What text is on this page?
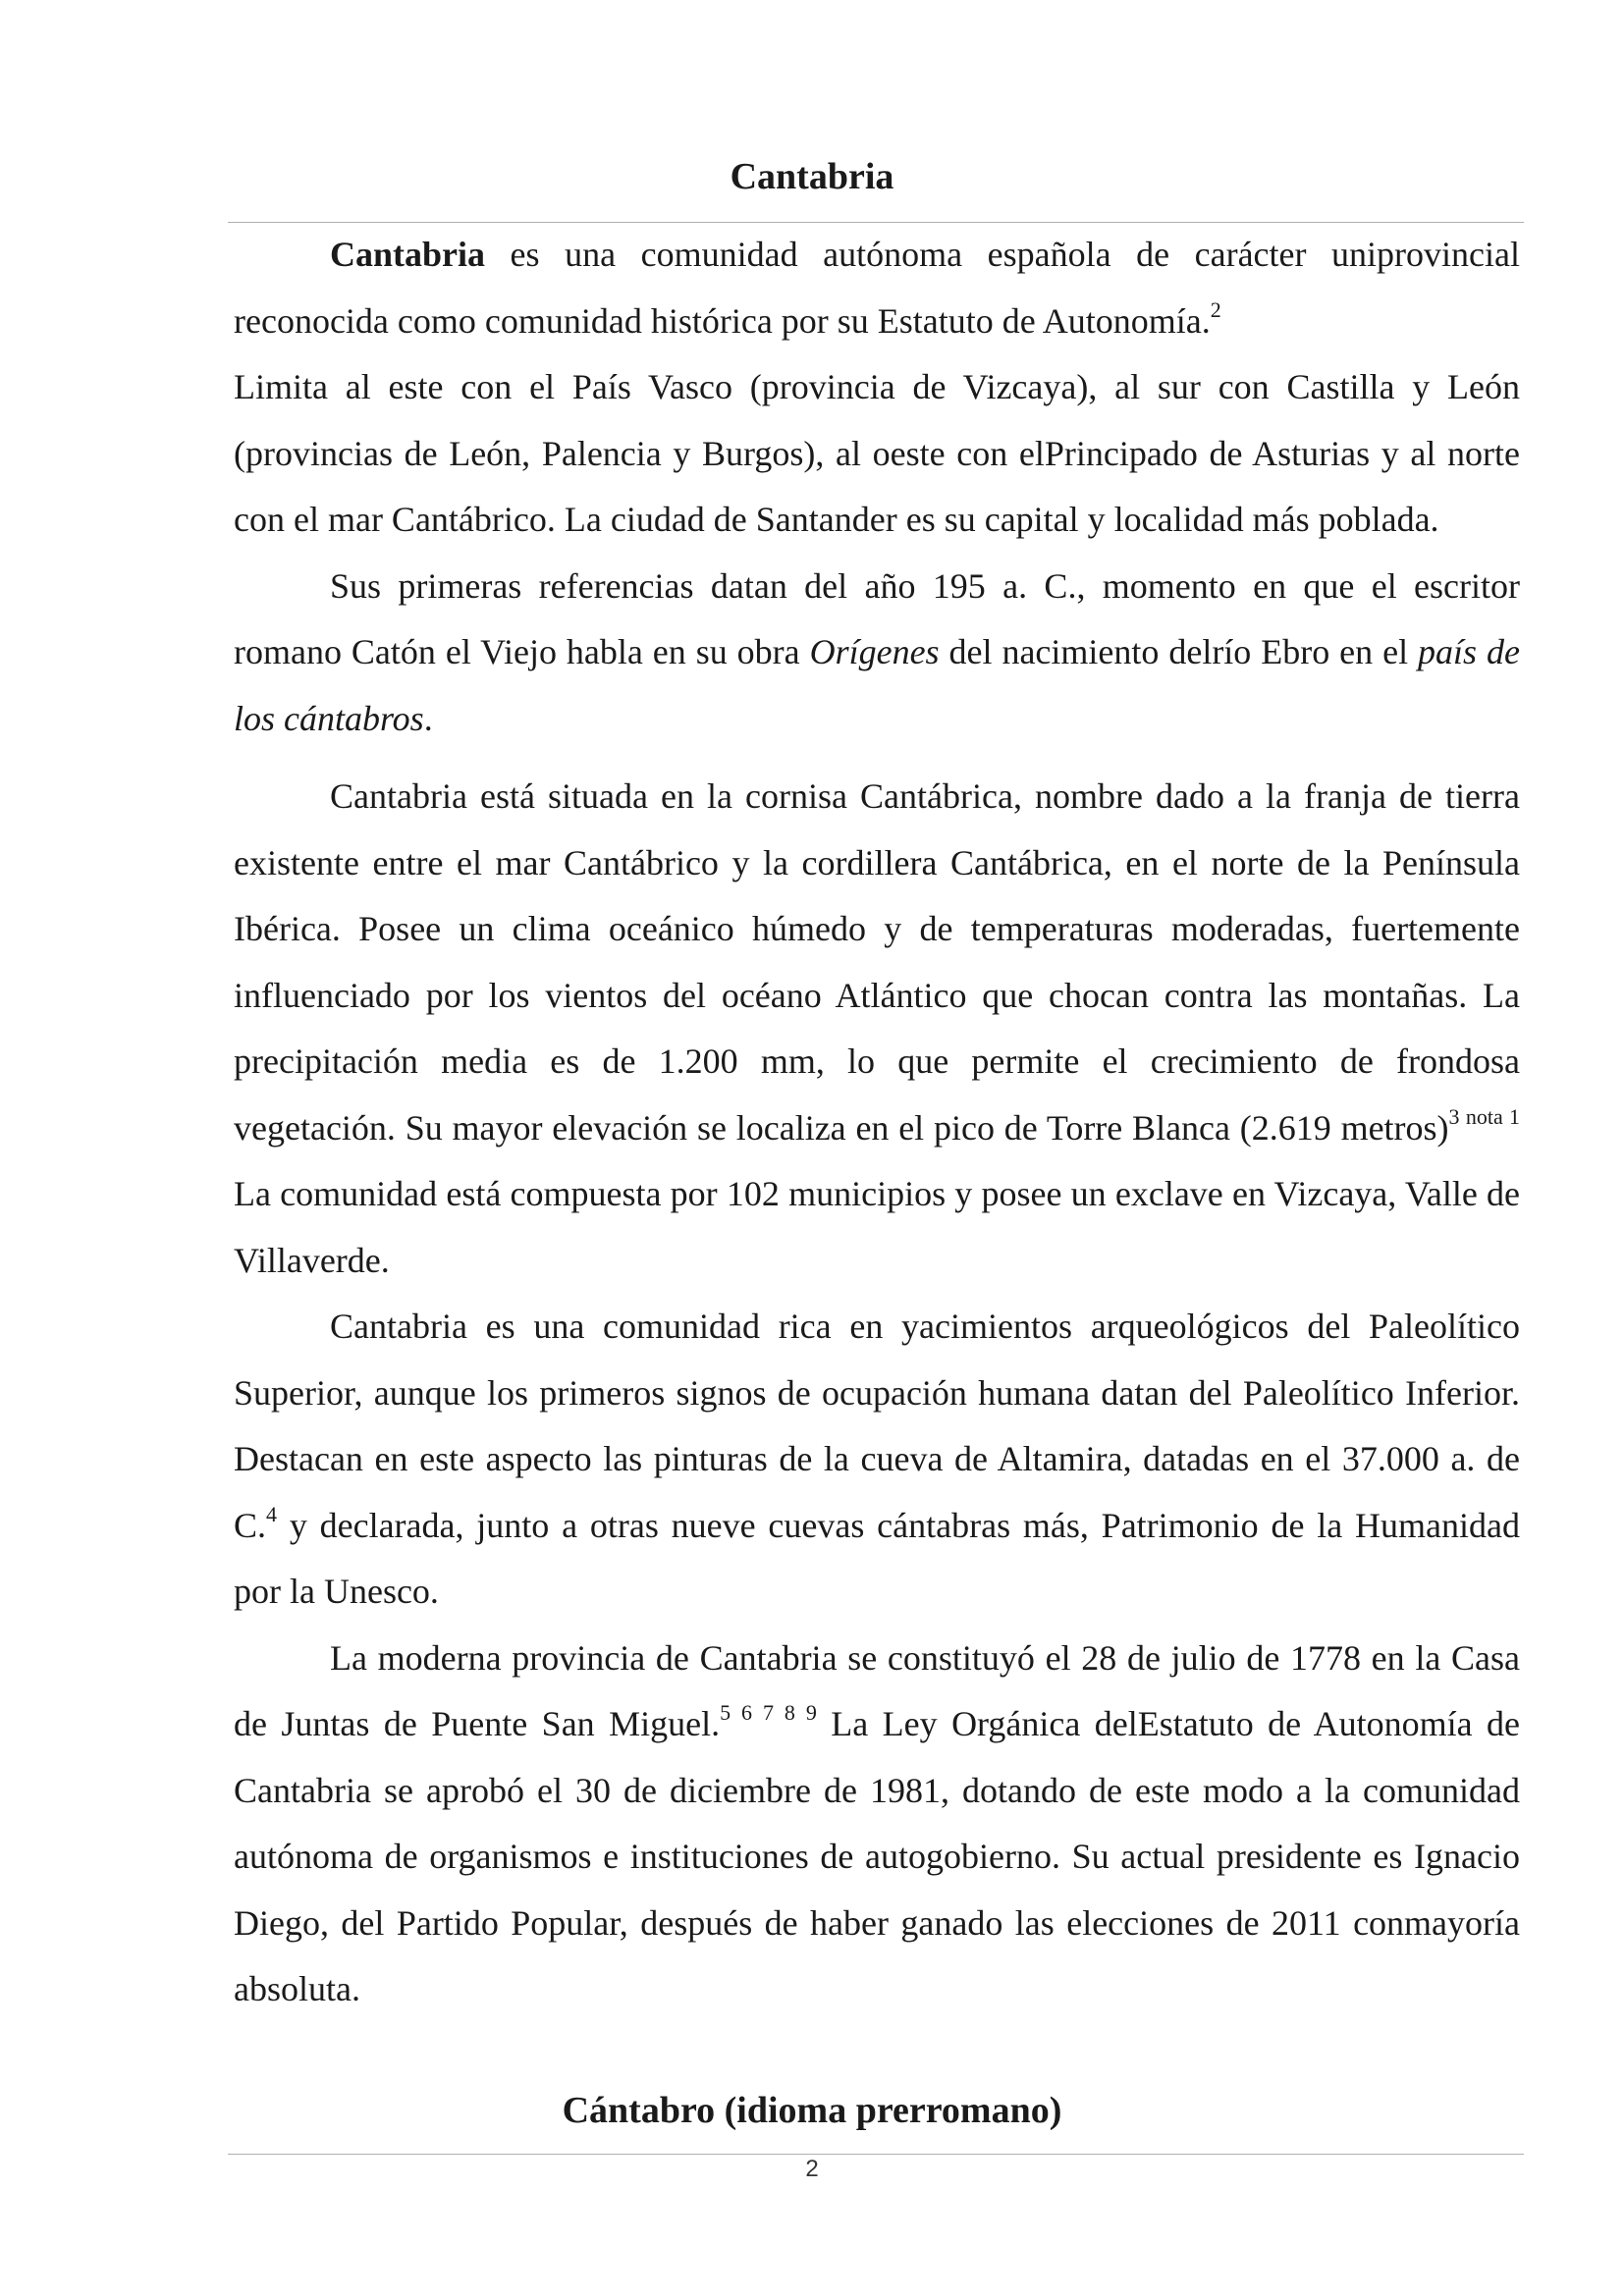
Cantabria

Cantabria es una comunidad autónoma española de carácter uniprovincial reconocida como comunidad histórica por su Estatuto de Autonomía.$^2$

Limita al este con el País Vasco (provincia de Vizcaya), al sur con Castilla y León (provincias de León, Palencia y Burgos), al oeste con elPrincipado de Asturias y al norte con el mar Cantábrico. La ciudad de Santander es su capital y localidad más poblada.

Sus primeras referencias datan del año 195 a. C., momento en que el escritor romano Catón el Viejo habla en su obra Orígenes del nacimiento delrío Ebro en el país de los cántabros.

Cantabria está situada en la cornisa Cantábrica, nombre dado a la franja de tierra existente entre el mar Cantábrico y la cordillera Cantábrica, en el norte de la Península Ibérica. Posee un clima oceánico húmedo y de temperaturas moderadas, fuertemente influenciado por los vientos del océano Atlántico que chocan contra las montañas. La precipitación media es de 1.200 mm, lo que permite el crecimiento de frondosa vegetación. Su mayor elevación se localiza en el pico de Torre Blanca (2.619 metros)$^{3 nota 1}$ La comunidad está compuesta por 102 municipios y posee un exclave en Vizcaya, Valle de Villaverde.

Cantabria es una comunidad rica en yacimientos arqueológicos del Paleolítico Superior, aunque los primeros signos de ocupación humana datan del Paleolítico Inferior. Destacan en este aspecto las pinturas de la cueva de Altamira, datadas en el 37.000 a. de C.$^4$ y declarada, junto a otras nueve cuevas cántabras más, Patrimonio de la Humanidad por la Unesco.

La moderna provincia de Cantabria se constituyó el 28 de julio de 1778 en la Casa de Juntas de Puente San Miguel.$^{5 6 7 8 9}$ La Ley Orgánica delEstatuto de Autonomía de Cantabria se aprobó el 30 de diciembre de 1981, dotando de este modo a la comunidad autónoma de organismos e instituciones de autogobierno. Su actual presidente es Ignacio Diego, del Partido Popular, después de haber ganado las elecciones de 2011 conmayoría absoluta.

Cántabro (idioma prerromano)
2
